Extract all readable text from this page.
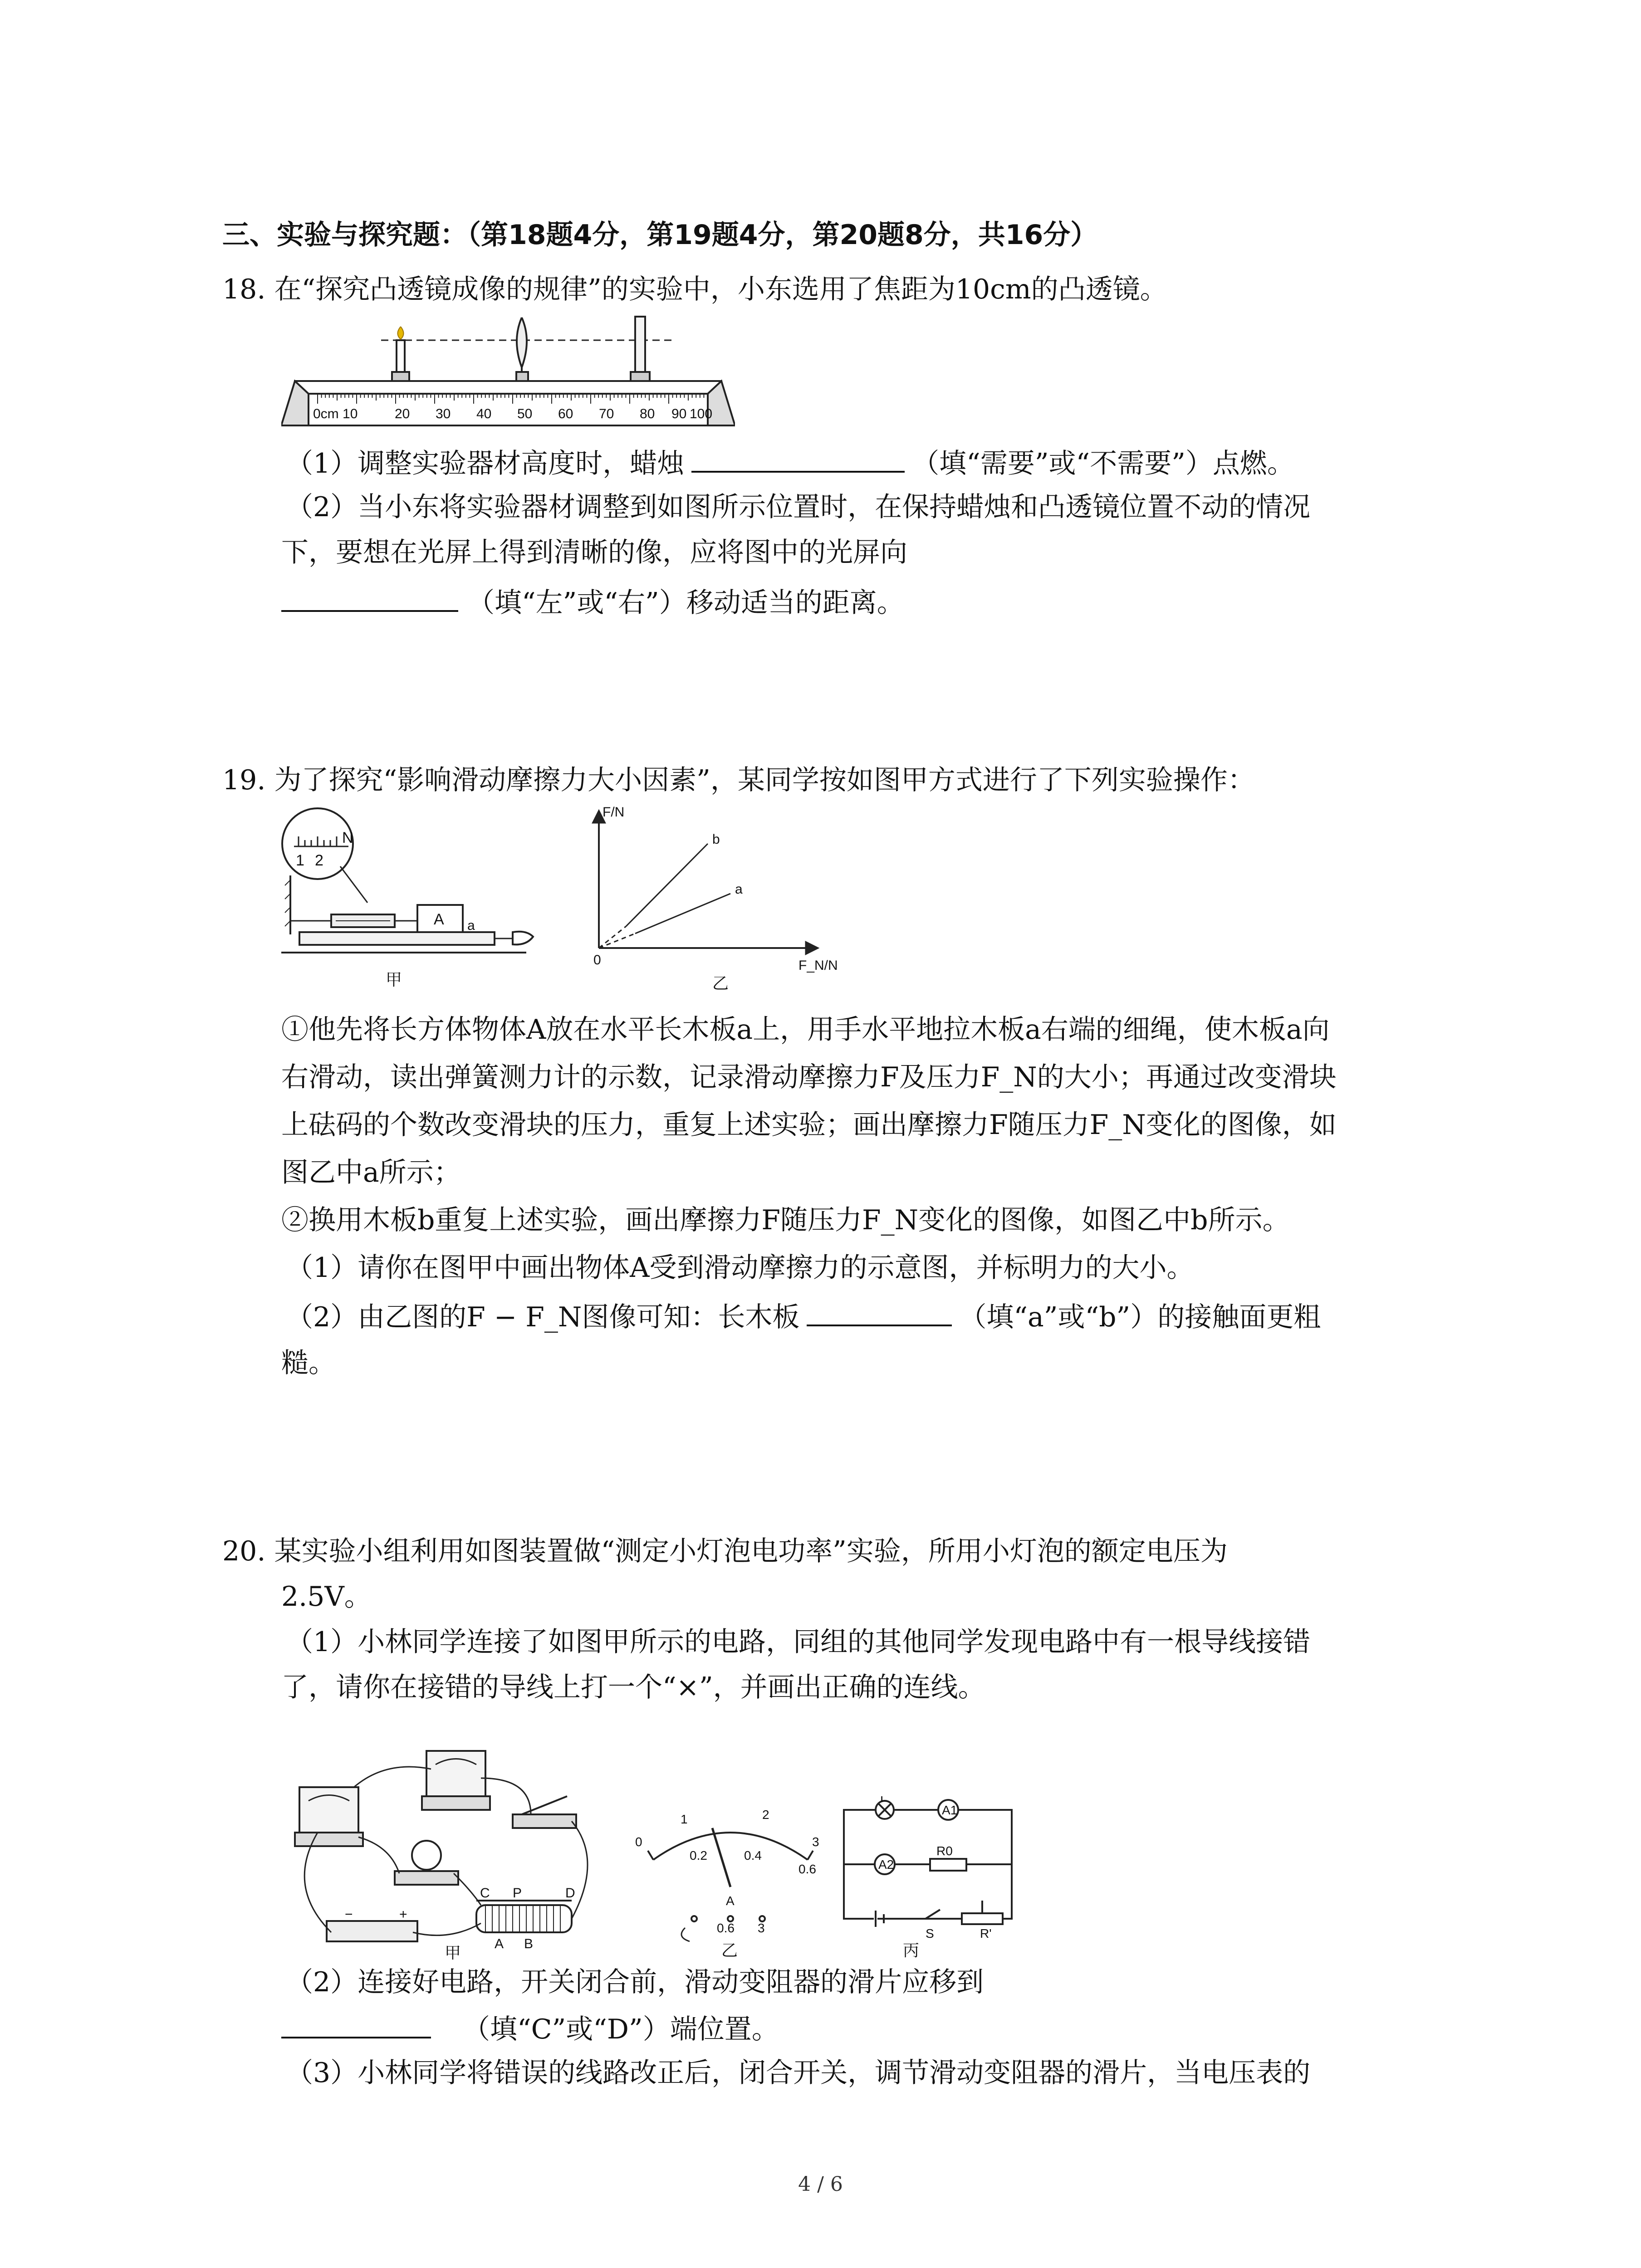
三、实验与探究题：（第18题4分，第19题4分，第20题8分，共16分）
18. 在“探究凸透镜成像的规律”的实验中，小东选用了焦距为10cm的凸透镜。
0cm 10	20 30 40 50 60 70 80 90 100
（1）调整实验器材高度时，蜡烛	（填“需要”或“不需要”）点燃。
（2）当小东将实验器材调整到如图所示位置时，在保持蜡烛和凸透镜位置不动的情况
下，要想在光屏上得到清晰的像，应将图中的光屏向
（填“左”或“右”）移动适当的距离。
19. 为了探究“影响滑动摩擦力大小因素”，某同学按如图甲方式进行了下列实验操作：
N
1 2
A a
甲
F/N
F_N/N
0
b
a
乙
①他先将长方体物体A放在水平长木板a上，用手水平地拉木板a右端的细绳，使木板a向
右滑动，读出弹簧测力计的示数，记录滑动摩擦力F及压力F_N的大小；再通过改变滑块
上砝码的个数改变滑块的压力，重复上述实验；画出摩擦力F随压力F_N变化的图像，如
图乙中a所示；
②换用木板b重复上述实验，画出摩擦力F随压力F_N变化的图像，如图乙中b所示。
（1）请你在图甲中画出物体A受到滑动摩擦力的示意图，并标明力的大小。
（2）由乙图的F − F_N图像可知：长木板	（填“a”或“b”）的接触面更粗
糙。
20. 某实验小组利用如图装置做“测定小灯泡电功率”实验，所用小灯泡的额定电压为
2.5V。
（1）小林同学连接了如图甲所示的电路，同组的其他同学发现电路中有一根导线接错
了，请你在接错的导线上打一个“×”，并画出正确的连线。
C P	D
A B
−	+
甲
0
1	2
3
0.2	0.4
0.6
A
0.6 3
乙
L
A1
A2
R0
S	R'
丙
（2）连接好电路，开关闭合前，滑动变阻器的滑片应移到
（填“C”或“D”）端位置。
（3）小林同学将错误的线路改正后，闭合开关，调节滑动变阻器的滑片，当电压表的
4 / 6
